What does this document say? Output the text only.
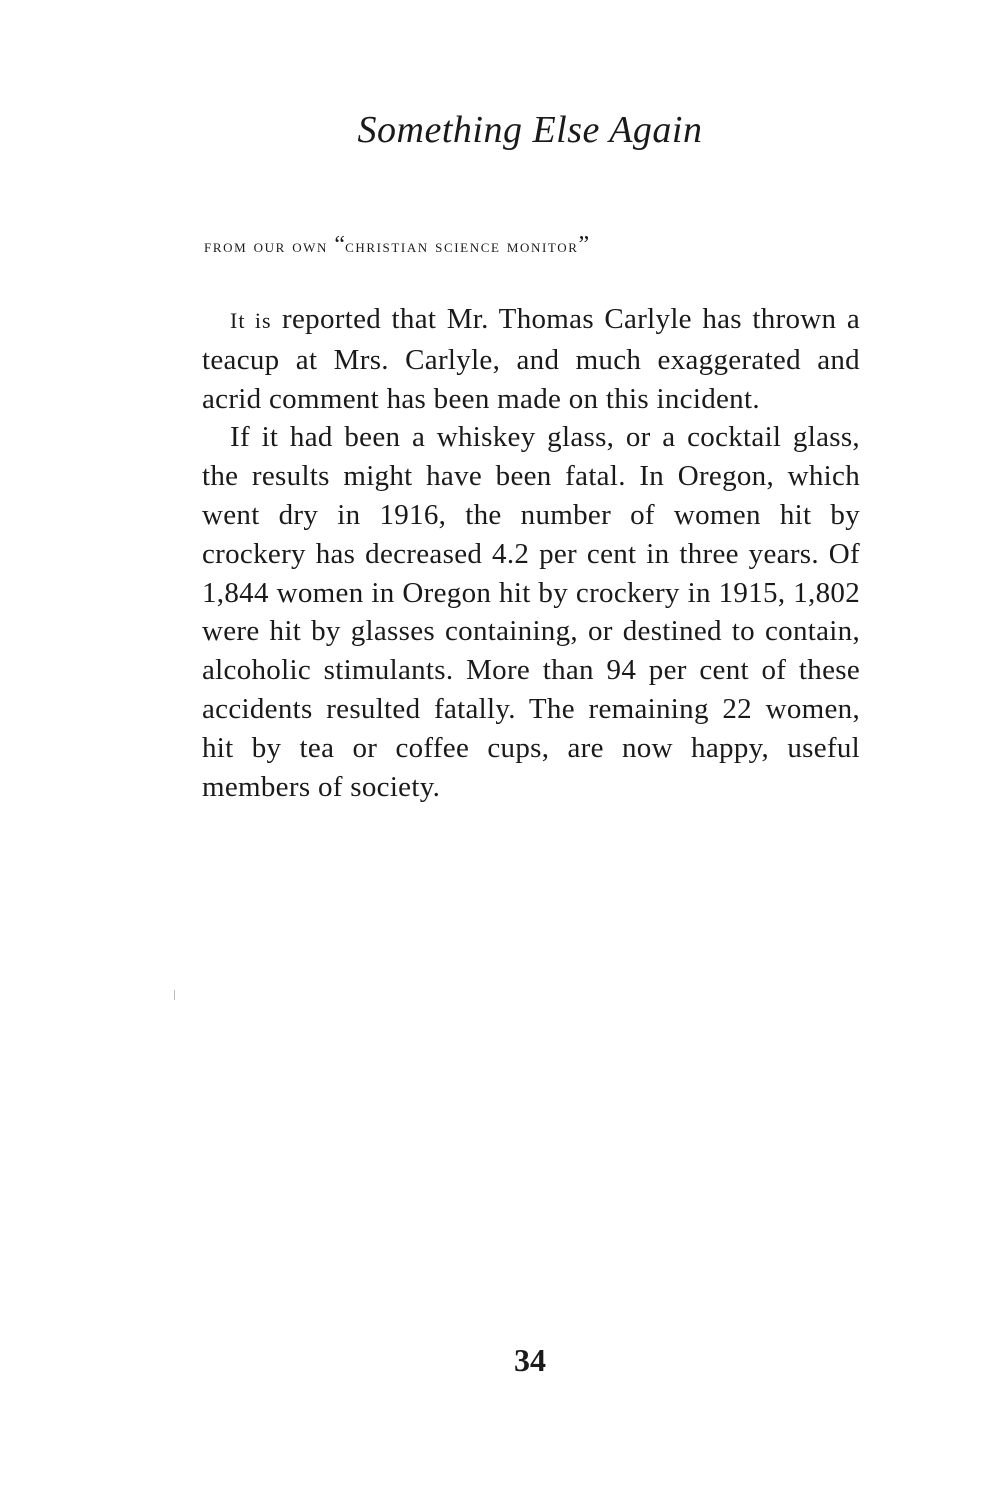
Something Else Again
from our own “christian science monitor”

It is reported that Mr. Thomas Carlyle has thrown a teacup at Mrs. Carlyle, and much exaggerated and acrid comment has been made on this incident.

If it had been a whiskey glass, or a cocktail glass, the results might have been fatal. In Oregon, which went dry in 1916, the number of women hit by crockery has decreased 4.2 per cent in three years. Of 1,844 women in Oregon hit by crockery in 1915, 1,802 were hit by glasses containing, or destined to contain, alcoholic stimulants. More than 94 per cent of these accidents resulted fatally. The remaining 22 women, hit by tea or coffee cups, are now happy, useful members of society.

34
